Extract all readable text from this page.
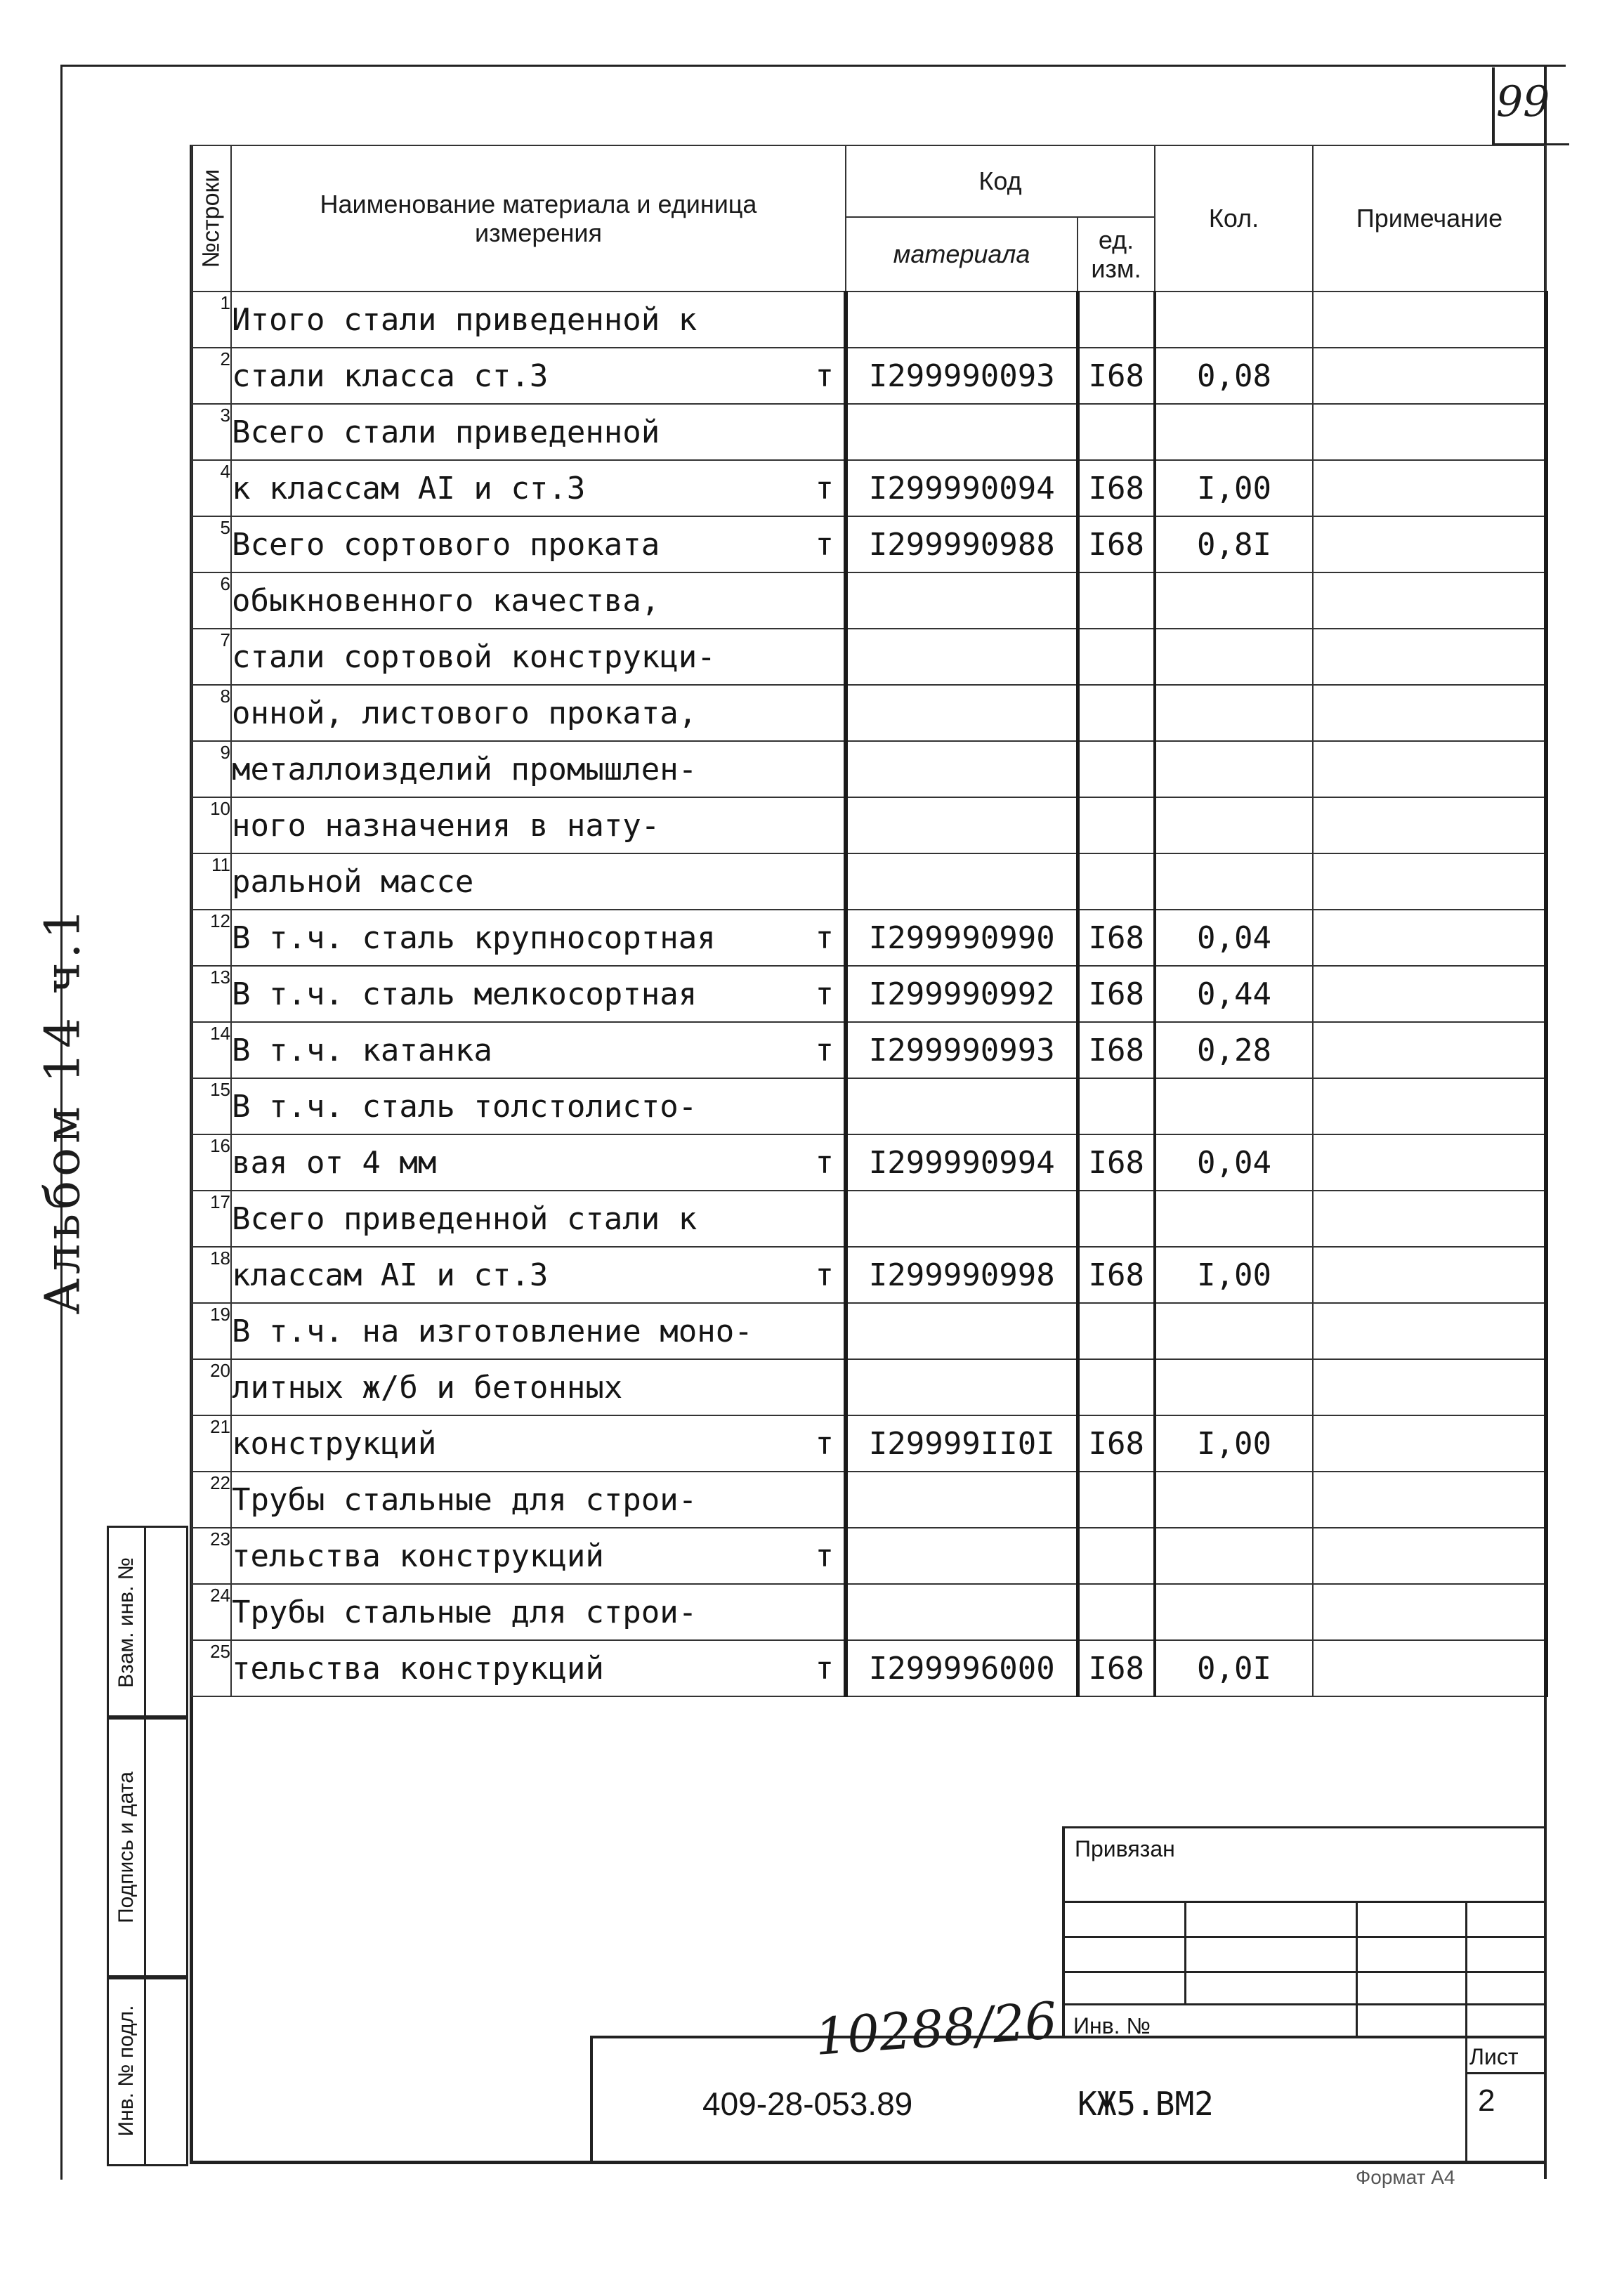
99
№строки	Наименование материала и единица измерения	Код		Кол.	Примечание
		материала	ед. изм.		
1	Итого стали приведенной к

2	стали класса ст.3 т	I299990093	I68	0,08	
3	Всего стали приведенной

4	к классам AI и ст.3 т	I299990094	I68	I,00	
5	Всего сортового проката т	I299990988	I68	0,8I	
6	обыкновенного качества,

7	стали сортовой конструкци-

8	онной, листового проката,

9	металлоизделий промышлен-

10	ного назначения в нату-

11	ральной массе

12	В т.ч. сталь крупносортная т	I299990990	I68	0,04	
13	В т.ч. сталь мелкосортная т	I299990992	I68	0,44	
14	В т.ч. катанка т	I299990993	I68	0,28	
15	В т.ч. сталь толстолисто-

16	вая от 4 мм т	I299990994	I68	0,04	
17	Всего приведенной стали к

18	классам AI и ст.3 т	I299990998	I68	I,00	
19	В т.ч. на изготовление моно-

20	литных ж/б и бетонных

21	конструкций т	I29999II0I	I68	I,00	
22	Трубы стальные для строи-

23	тельства конструкций т				

24	Трубы стальные для строи-

25	тельства конструкций т	I299996000	I68	0,0I	
Альбом 14 ч.1
Взам. инв. №
Подпись и дата
Инв. № подл.
Привязан
Инв. №
10288/26
409-28-053.89	КЖ5.ВМ2
Лист
2
Формат А4
